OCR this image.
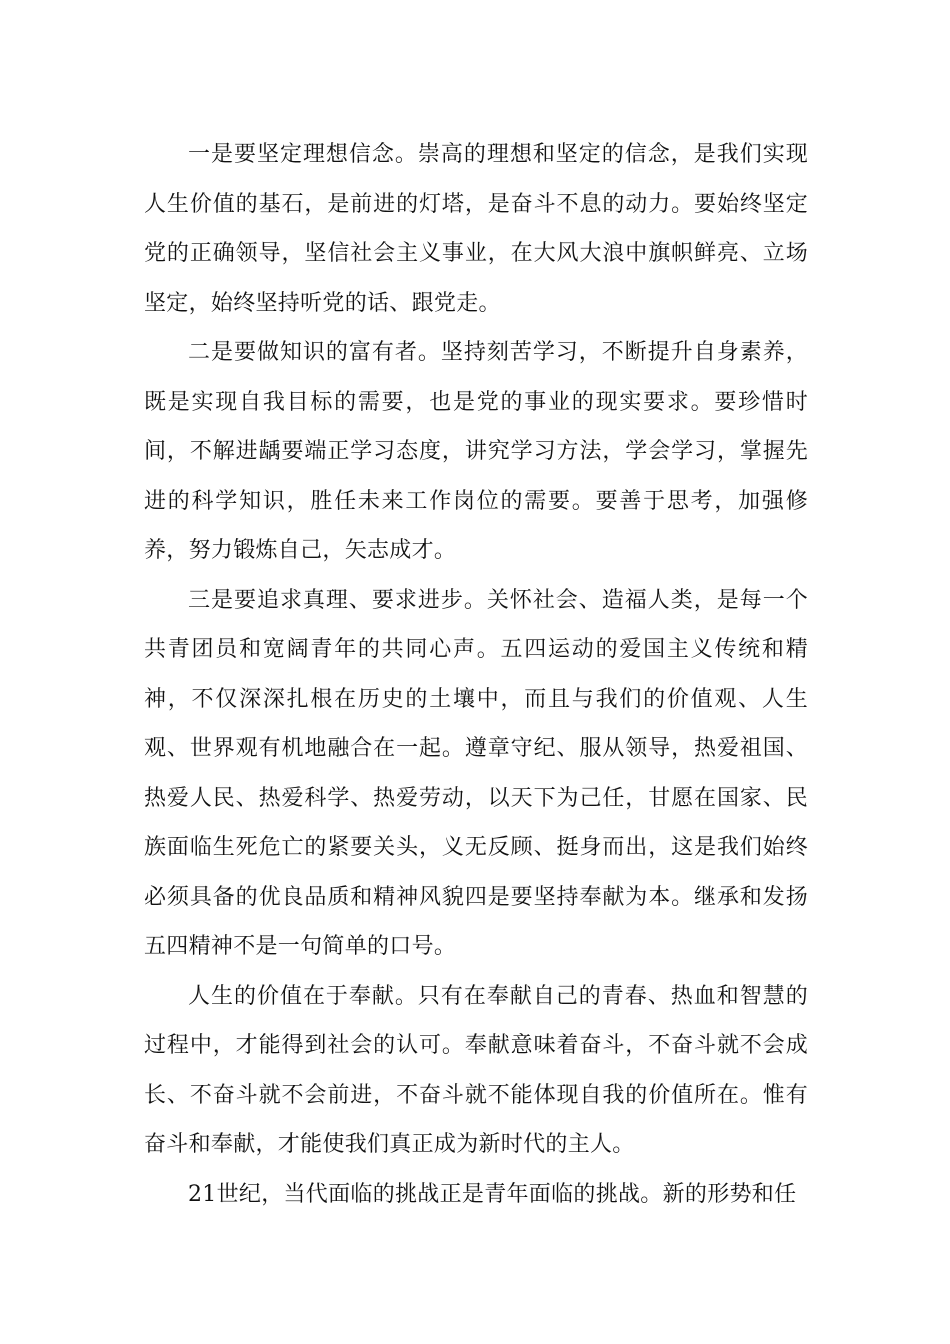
一是要坚定理想信念。崇高的理想和坚定的信念，是我们实现人生价值的基石，是前进的灯塔，是奋斗不息的动力。要始终坚定党的正确领导，坚信社会主义事业，在大风大浪中旗帜鲜亮、立场坚定，始终坚持听党的话、跟党走。

二是要做知识的富有者。坚持刻苦学习，不断提升自身素养，既是实现自我目标的需要，也是党的事业的现实要求。要珍惜时间，不解进龋要端正学习态度，讲究学习方法，学会学习，掌握先进的科学知识，胜任未来工作岗位的需要。要善于思考，加强修养，努力锻炼自己，矢志成才。

三是要追求真理、要求进步。关怀社会、造福人类，是每一个共青团员和宽阔青年的共同心声。五四运动的爱国主义传统和精神，不仅深深扎根在历史的土壤中，而且与我们的价值观、人生观、世界观有机地融合在一起。遵章守纪、服从领导，热爱祖国、热爱人民、热爱科学、热爱劳动，以天下为己任，甘愿在国家、民族面临生死危亡的紧要关头，义无反顾、挺身而出，这是我们始终必须具备的优良品质和精神风貌四是要坚持奉献为本。继承和发扬五四精神不是一句简单的口号。

人生的价值在于奉献。只有在奉献自己的青春、热血和智慧的过程中，才能得到社会的认可。奉献意味着奋斗，不奋斗就不会成长、不奋斗就不会前进，不奋斗就不能体现自我的价值所在。惟有奋斗和奉献，才能使我们真正成为新时代的主人。

21世纪，当代面临的挑战正是青年面临的挑战。新的形势和任
